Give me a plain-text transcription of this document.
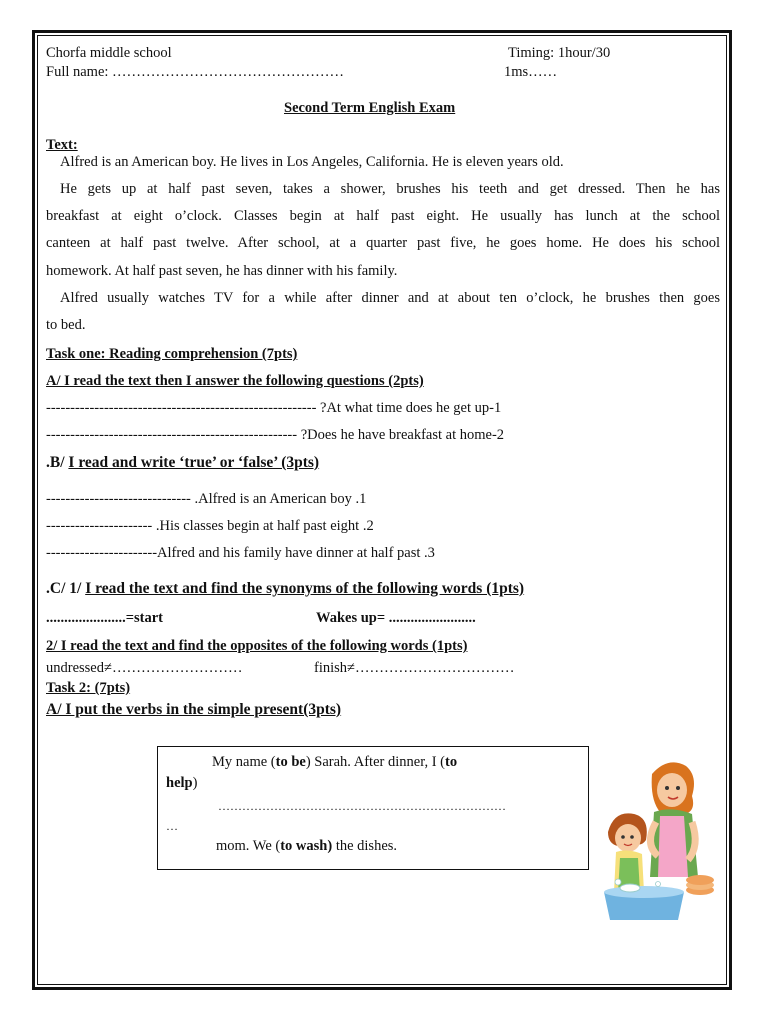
Chorfa middle school	Timing: 1hour/30
Full name: …………………………………………	1ms……
Second Term English Exam
Text:
Alfred is an American boy. He lives in Los Angeles, California. He is eleven years old.
He gets up at half past seven, takes a shower, brushes his teeth and get dressed. Then he has
breakfast at eight o’clock. Classes begin at half past eight. He usually has lunch at the school
canteen at half past twelve. After school, at a quarter past five, he goes home. He does his school
homework. At half past seven, he has dinner with his family.
Alfred usually watches TV for a while after dinner and at about ten o’clock, he brushes then goes
to bed.
Task one: Reading comprehension (7pts)
A/ I read the text then I answer the following questions (2pts)
-------------------------------------------------------- ?At what time does he get up-1
---------------------------------------------------- ?Does he have breakfast at home-2
.B/ I read and write ‘true’ or ‘false’ (3pts)
------------------------------ .Alfred is an American boy .1
---------------------- .His classes begin at half past eight .2
-----------------------Alfred and his family have dinner at half past .3
.C/ 1/ I read the text and find the synonyms of the following words (1pts)
......................=start	Wakes up= ........................
2/ I read the text and find the opposites of the following words (1pts)
undressed≠………………………	finish≠……………………………
Task 2: (7pts)
A/ I put the verbs in the simple present(3pts)
My name (to be) Sarah. After dinner, I (to
help)
………………………………………………………………
…
mom. We (to wash) the dishes.
